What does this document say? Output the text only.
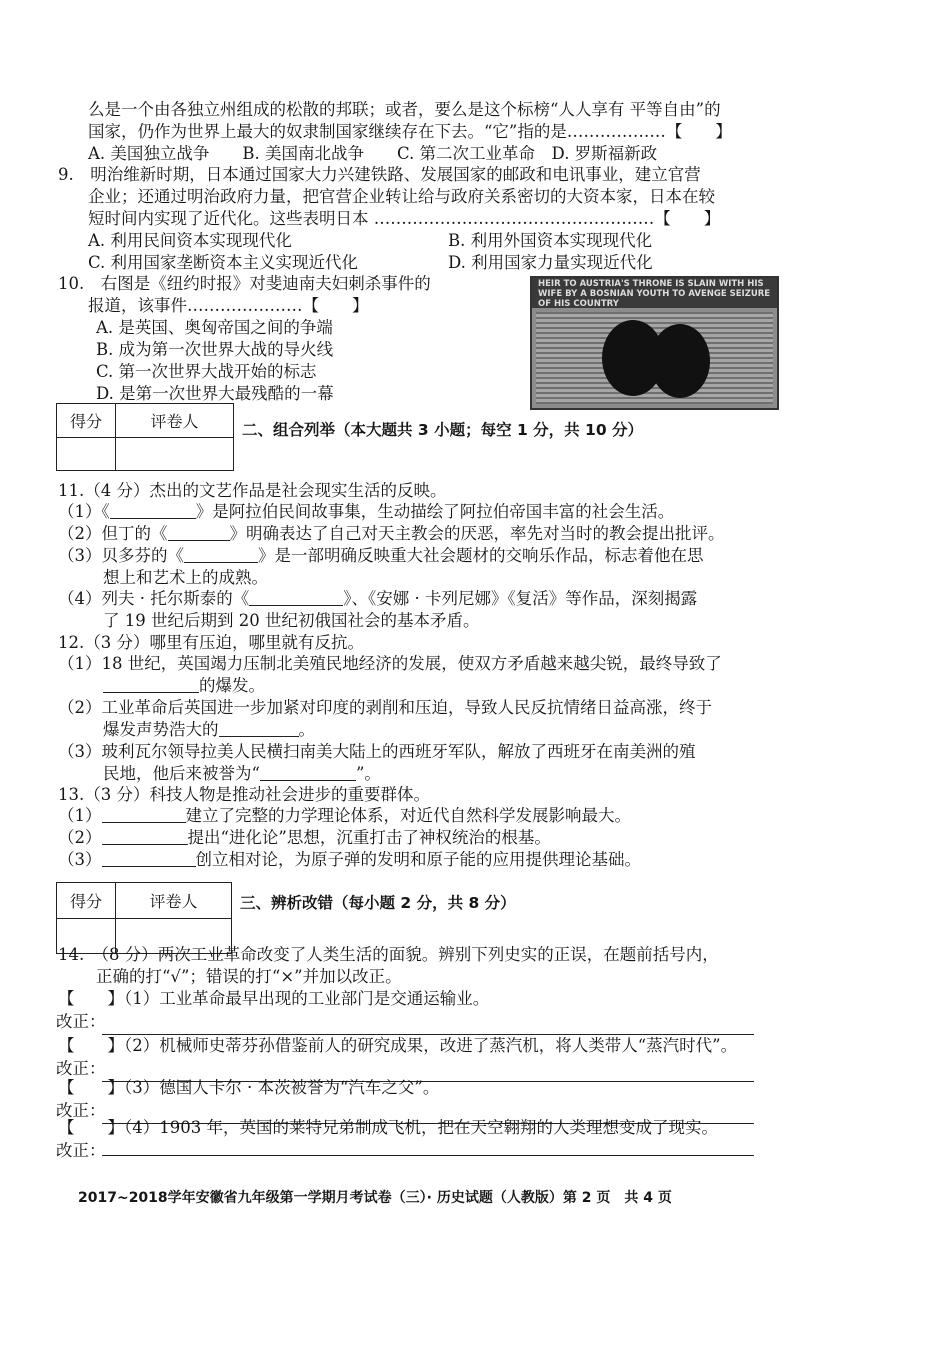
么是一个由各独立州组成的松散的邦联；或者，要么是这个标榜“人人享有 平等自由”的
国家，仍作为世界上最大的奴隶制国家继续存在下去。“它”指的是………………【　　】
A. 美国独立战争　　B. 美国南北战争　　C. 第二次工业革命　D. 罗斯福新政
9.　明治维新时期，日本通过国家大力兴建铁路、发展国家的邮政和电讯事业，建立官营
企业；还通过明治政府力量，把官营企业转让给与政府关系密切的大资本家，日本在较
短时间内实现了近代化。这些表明日本 ……………………………………………【　　】
A. 利用民间资本实现现代化	B. 利用外国资本实现现代化
C. 利用国家垄断资本主义实现近代化	D. 利用国家力量实现近代化
10.　右图是《纽约时报》对斐迪南夫妇刺杀事件的
报道，该事件…………………【　　】
A. 是英国、奥匈帝国之间的争端
B. 成为第一次世界大战的导火线
C. 第一次世界大战开始的标志
D. 是第一次世界大最残酷的一幕
HEIR TO AUSTRIA'S THRONE IS SLAIN WITH HIS WIFE BY A BOSNIAN YOUTH TO AVENGE SEIZURE OF HIS COUNTRY
得分	评卷人
		二、组合列举（本大题共 3 小题；每空 1 分，共 10 分）
11.（4 分）杰出的文艺作品是社会现实生活的反映。
（1）《	》是阿拉伯民间故事集，生动描绘了阿拉伯帝国丰富的社会生活。
（2）但丁的《	》明确表达了自己对天主教会的厌恶，率先对当时的教会提出批评。
（3）贝多芬的《	》是一部明确反映重大社会题材的交响乐作品，标志着他在思
想上和艺术上的成熟。
（4）列夫 · 托尔斯泰的《	》、《安娜 · 卡列尼娜》《复活》等作品，深刻揭露
了 19 世纪后期到 20 世纪初俄国社会的基本矛盾。
12.（3 分）哪里有压迫，哪里就有反抗。
（1）18 世纪，英国竭力压制北美殖民地经济的发展，使双方矛盾越来越尖锐，最终导致了
的爆发。
（2）工业革命后英国进一步加紧对印度的剥削和压迫，导致人民反抗情绪日益高涨，终于
爆发声势浩大的	。
（3）玻利瓦尔领导拉美人民横扫南美大陆上的西班牙军队，解放了西班牙在南美洲的殖
民地，他后来被誉为“	”。
13.（3 分）科技人物是推动社会进步的重要群体。
（1）	建立了完整的力学理论体系，对近代自然科学发展影响最大。
（2）	提出“进化论”思想，沉重打击了神权统治的根基。
（3）	创立相对论，为原子弹的发明和原子能的应用提供理论基础。
得分	评卷人
		三、辨析改错（每小题 2 分，共 8 分）
14.　（8 分）两次工业革命改变了人类生活的面貌。辨别下列史实的正误，在题前括号内，
正确的打“√”；错误的打“×”并加以改正。
【　　】（1）工业革命最早出现的工业部门是交通运输业。
改正：
【　　】（2）机械师史蒂芬孙借鉴前人的研究成果，改进了蒸汽机，将人类带人“蒸汽时代”。
改正：
【　　】（3）德国人卡尔 · 本茨被誉为“汽车之父”。
改正：
【　　】（4）1903 年，英国的莱特兄弟制成飞机，把在天空翱翔的人类理想变成了现实。
改正：
2017~2018学年安徽省九年级第一学期月考试卷（三）· 历史试题（人教版）第 2 页　共 4 页
